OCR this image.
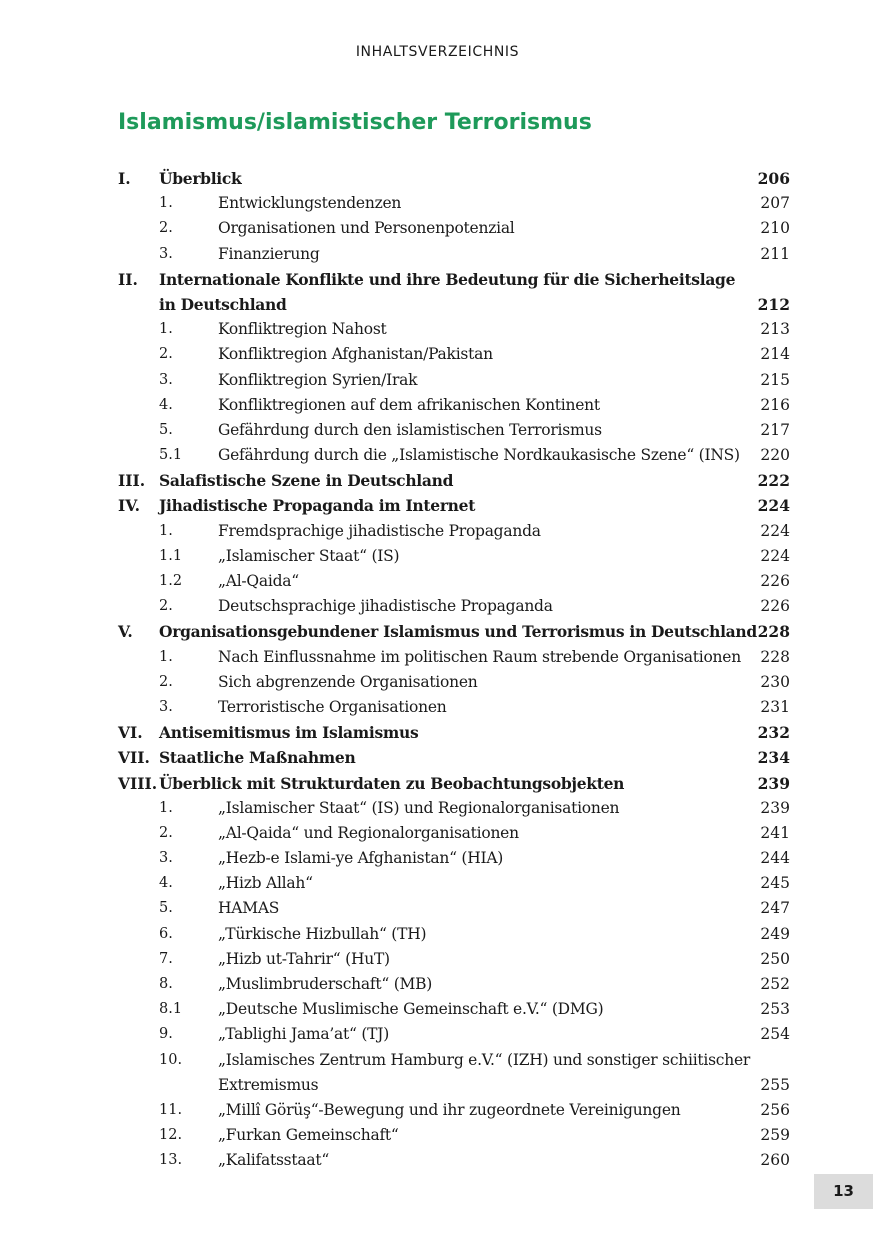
INHALTSVERZEICHNIS
Islamismus/islamistischer Terrorismus
I. Überblick	206
1.	Entwicklungstendenzen	207
2.	Organisationen und Personenpotenzial	210
3.	Finanzierung	211
II. Internationale Konflikte und ihre Bedeutung für die Sicherheitslage
in Deutschland	212
1.	Konfliktregion Nahost	213
2.	Konfliktregion Afghanistan/Pakistan	214
3.	Konfliktregion Syrien/Irak	215
4.	Konfliktregionen auf dem afrikanischen Kontinent	216
5.	Gefährdung durch den islamistischen Terrorismus	217
5.1 Gefährdung durch die „Islamistische Nordkaukasische Szene“ (INS) 220
III. Salafistische Szene in Deutschland	222
IV. Jihadistische Propaganda im Internet	224
1.	Fremdsprachige jihadistische Propaganda	224
1.1 „Islamischer Staat“ (IS)	224
1.2 „Al-Qaida“	226
2.	Deutschsprachige jihadistische Propaganda	226
V. Organisationsgebundener Islamismus und Terrorismus in Deutschland 228
1.	Nach Einflussnahme im politischen Raum strebende Organisationen 228
2.	Sich abgrenzende Organisationen	230
3.	Terroristische Organisationen	231
VI. Antisemitismus im Islamismus	232
VII. Staatliche Maßnahmen	234
VIII. Überblick mit Strukturdaten zu Beobachtungsobjekten	239
1.	„Islamischer Staat“ (IS) und Regionalorganisationen	239
2.	„Al-Qaida“ und Regionalorganisationen	241
3.	„Hezb-e Islami-ye Afghanistan“ (HIA)	244
4.	„Hizb Allah“	245
5.	HAMAS	247
6.	„Türkische Hizbullah“ (TH)	249
7.	„Hizb ut-Tahrir“ (HuT)	250
8.	„Muslimbruderschaft“ (MB)	252
8.1 „Deutsche Muslimische Gemeinschaft e.V.“ (DMG)	253
9.	„Tablighi Jama’at“ (TJ)	254
10. „Islamisches Zentrum Hamburg e.V.“ (IZH) und sonstiger schiitischer
Extremismus	255
11. „Millî Görüş“-Bewegung und ihr zugeordnete Vereinigungen	256
12. „Furkan Gemeinschaft“	259
13. „Kalifatsstaat“	260
13
